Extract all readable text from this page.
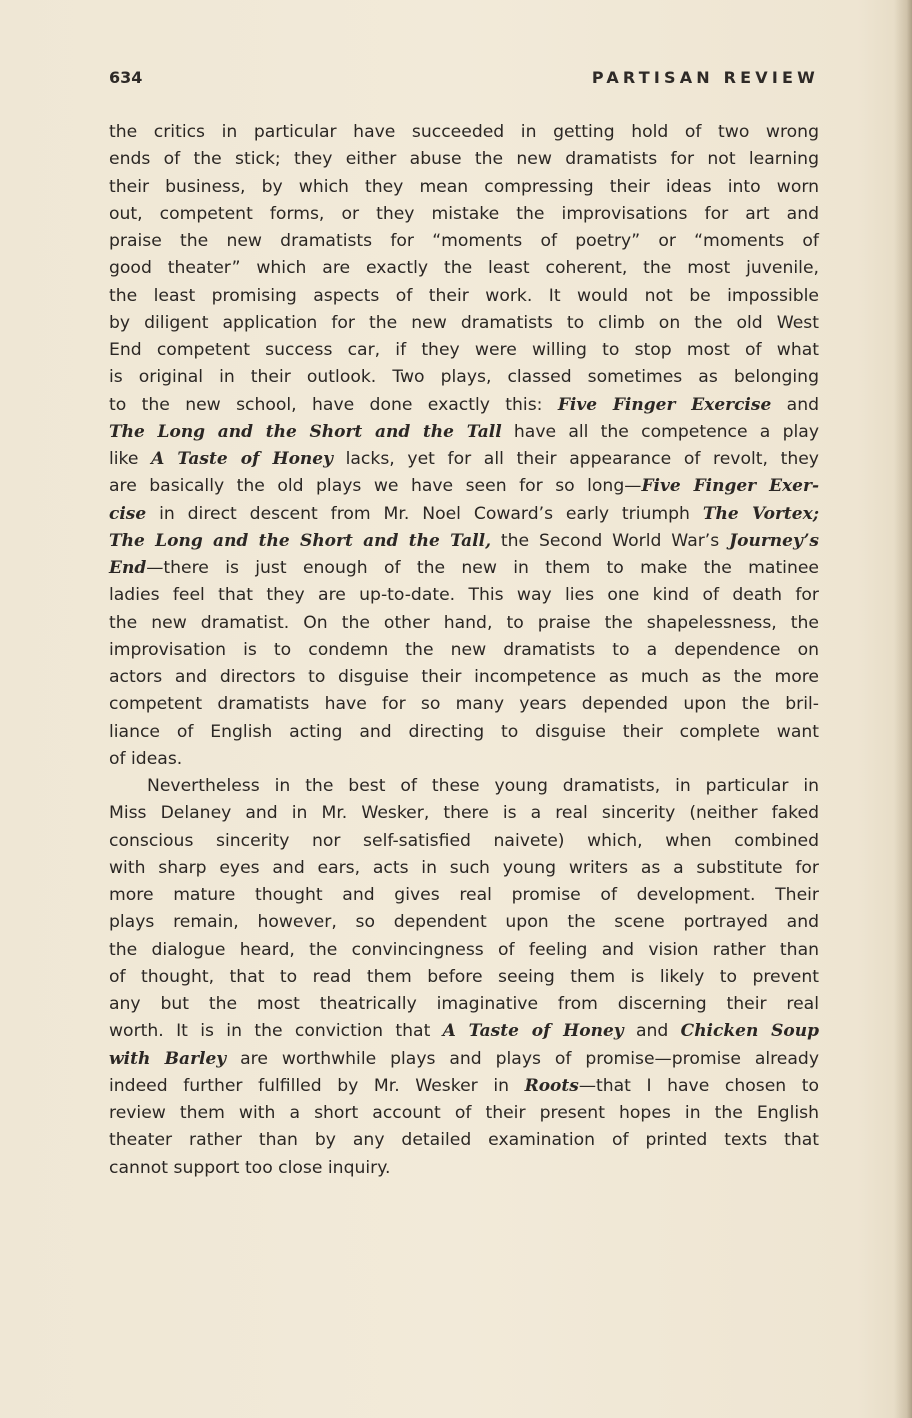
634	PARTISAN REVIEW
the critics in particular have succeeded in getting hold of two wrong
ends of the stick; they either abuse the new dramatists for not learning
their business, by which they mean compressing their ideas into worn
out, competent forms, or they mistake the improvisations for art and
praise the new dramatists for “moments of poetry” or “moments of
good theater” which are exactly the least coherent, the most juvenile,
the least promising aspects of their work. It would not be impossible
by diligent application for the new dramatists to climb on the old West
End competent success car, if they were willing to stop most of what
is original in their outlook. Two plays, classed sometimes as belonging
to the new school, have done exactly this: Five Finger Exercise and
The Long and the Short and the Tall have all the competence a play
like A Taste of Honey lacks, yet for all their appearance of revolt, they
are basically the old plays we have seen for so long—Five Finger Exer-
cise in direct descent from Mr. Noel Coward’s early triumph The Vortex;
The Long and the Short and the Tall, the Second World War’s Journey’s
End—there is just enough of the new in them to make the matinee
ladies feel that they are up-to-date. This way lies one kind of death for
the new dramatist. On the other hand, to praise the shapelessness, the
improvisation is to condemn the new dramatists to a dependence on
actors and directors to disguise their incompetence as much as the more
competent dramatists have for so many years depended upon the bril-
liance of English acting and directing to disguise their complete want
of ideas.
Nevertheless in the best of these young dramatists, in particular in
Miss Delaney and in Mr. Wesker, there is a real sincerity (neither faked
conscious sincerity nor self-satisfied naivete) which, when combined
with sharp eyes and ears, acts in such young writers as a substitute for
more mature thought and gives real promise of development. Their
plays remain, however, so dependent upon the scene portrayed and
the dialogue heard, the convincingness of feeling and vision rather than
of thought, that to read them before seeing them is likely to prevent
any but the most theatrically imaginative from discerning their real
worth. It is in the conviction that A Taste of Honey and Chicken Soup
with Barley are worthwhile plays and plays of promise—promise already
indeed further fulfilled by Mr. Wesker in Roots—that I have chosen to
review them with a short account of their present hopes in the English
theater rather than by any detailed examination of printed texts that
cannot support too close inquiry.
